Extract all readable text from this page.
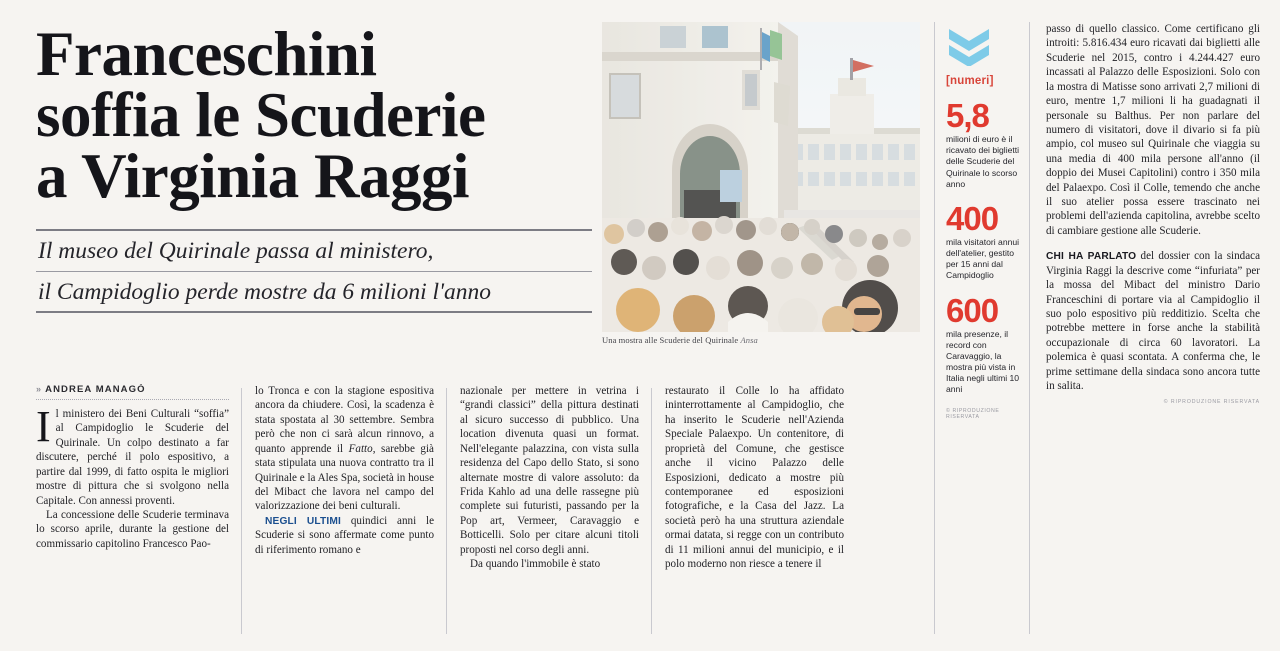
Franceschini
soffia le Scuderie
a Virginia Raggi
Il museo del Quirinale passa al ministero,
il Campidoglio perde mostre da 6 milioni l'anno
Una mostra alle Scuderie del Quirinale Ansa
» ANDREA MANAGÒ

Il ministero dei Beni Culturali “soffia” al Campidoglio le Scuderie del Quirinale. Un colpo destinato a far discutere, perché il polo espositivo, a partire dal 1999, di fatto ospita le migliori mostre di pittura che si svolgono nella Capitale. Con annessi proventi.

La concessione delle Scuderie terminava lo scorso aprile, durante la gestione del commissario capitolino Francesco Pao-

lo Tronca e con la stagione espositiva ancora da chiudere. Così, la scadenza è stata spostata al 30 settembre. Sembra però che non ci sarà alcun rinnovo, a quanto apprende il Fatto, sarebbe già stata stipulata una nuova contratto tra il Quirinale e la Ales Spa, società in house del Mibact che lavora nel campo del valorizzazione dei beni culturali.

NEGLI ULTIMI quindici anni le Scuderie si sono affermate come punto di riferimento romano e

nazionale per mettere in vetrina i “grandi classici” della pittura destinati al sicuro successo di pubblico. Una location divenuta quasi un format. Nell'elegante palazzina, con vista sulla residenza del Capo dello Stato, si sono alternate mostre di valore assoluto: da Frida Kahlo ad una delle rassegne più complete sui futuristi, passando per la Pop art, Vermeer, Caravaggio e Botticelli. Solo per citare alcuni titoli proposti nel corso degli anni.

Da quando l'immobile è stato

restaurato il Colle lo ha affidato ininterrottamente al Campidoglio, che ha inserito le Scuderie nell'Azienda Speciale Palaexpo. Un contenitore, di proprietà del Comune, che gestisce anche il vicino Palazzo delle Esposizioni, dedicato a mostre più contemporanee ed esposizioni fotografiche, e la Casa del Jazz. La società però ha una struttura aziendale ormai datata, si regge con un contributo di 11 milioni annui del municipio, e il polo moderno non riesce a tenere il

[numeri]
5,8
milioni di euro è il ricavato dei biglietti delle Scuderie del Quirinale lo scorso anno
400
mila visitatori annui dell'atelier, gestito per 15 anni dal Campidoglio
600
mila presenze, il record con Caravaggio, la mostra più vista in Italia negli ultimi 10 anni
© RIPRODUZIONE RISERVATA

passo di quello classico. Come certificano gli introiti: 5.816.434 euro ricavati dai biglietti alle Scuderie nel 2015, contro i 4.244.427 euro incassati al Palazzo delle Esposizioni. Solo con la mostra di Matisse sono arrivati 2,7 milioni di euro, mentre 1,7 milioni li ha guadagnati il personale su Balthus. Per non parlare del numero di visitatori, dove il divario si fa più ampio, col museo sul Quirinale che viaggia su una media di 400 mila persone all'anno (il doppio dei Musei Capitolini) contro i 350 mila del Palaexpo. Così il Colle, temendo che anche il suo atelier possa essere trascinato nei problemi dell'azienda capitolina, avrebbe scelto di cambiare gestione alle Scuderie.

CHI HA PARLATO del dossier con la sindaca Virginia Raggi la descrive come “infuriata” per la mossa del Mibact del ministro Dario Franceschini di portare via al Campidoglio il suo polo espositivo più redditizio. Scelta che potrebbe mettere in forse anche la stabilità occupazionale di circa 60 lavoratori. La polemica è quasi scontata. A conferma che, le prime settimane della sindaca sono ancora tutte in salita.

© RIPRODUZIONE RISERVATA
